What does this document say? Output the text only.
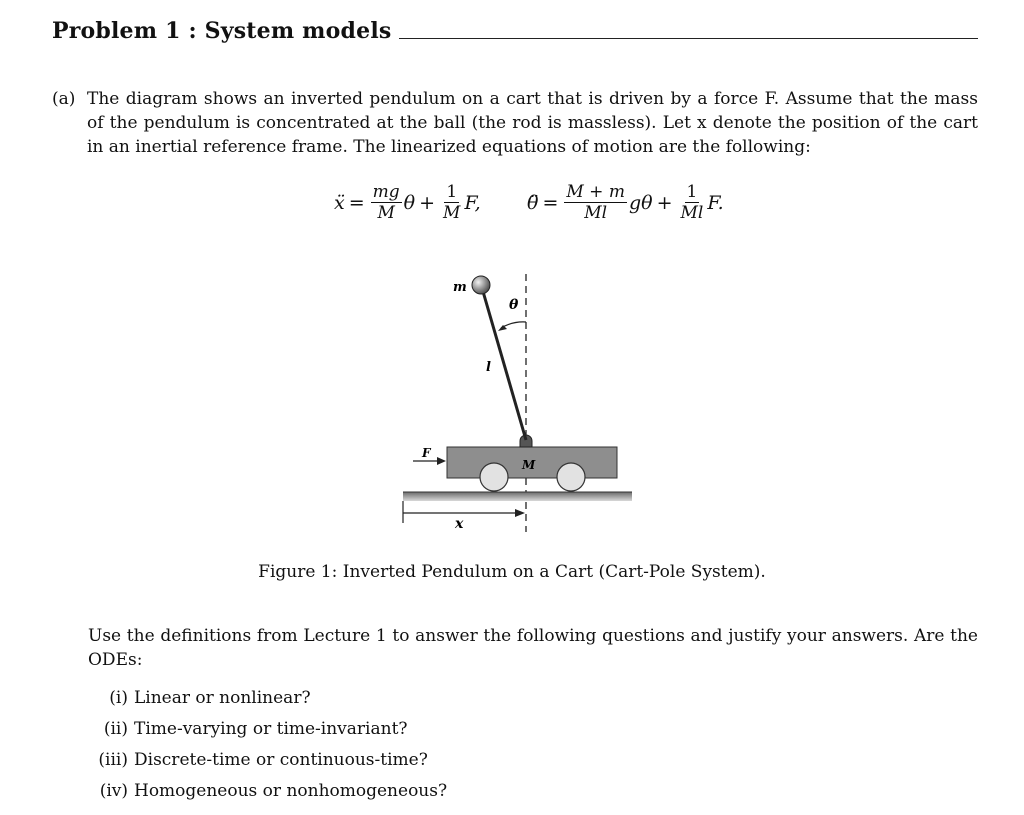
Problem 1 : System models
(a) The diagram shows an inverted pendulum on a cart that is driven by a force F. Assume that the mass of the pendulum is concentrated at the ball (the rod is massless). Let x denote the position of the cart in an inertial reference frame. The linearized equations of motion are the following:
ẍ = $\frac{mg}{M}$ $\theta + \frac{1}{M} F$, θ̈ = $\frac{M + m}{Ml}$ $g\theta + \frac{1}{Ml} F$.
m
θ
l
F
M
x
Figure 1: Inverted Pendulum on a Cart (Cart-Pole System).
Use the definitions from Lecture 1 to answer the following questions and justify your answers. Are the ODEs:
(i) Linear or nonlinear?
(ii) Time-varying or time-invariant?
(iii) Discrete-time or continuous-time?
(iv) Homogeneous or nonhomogeneous?
